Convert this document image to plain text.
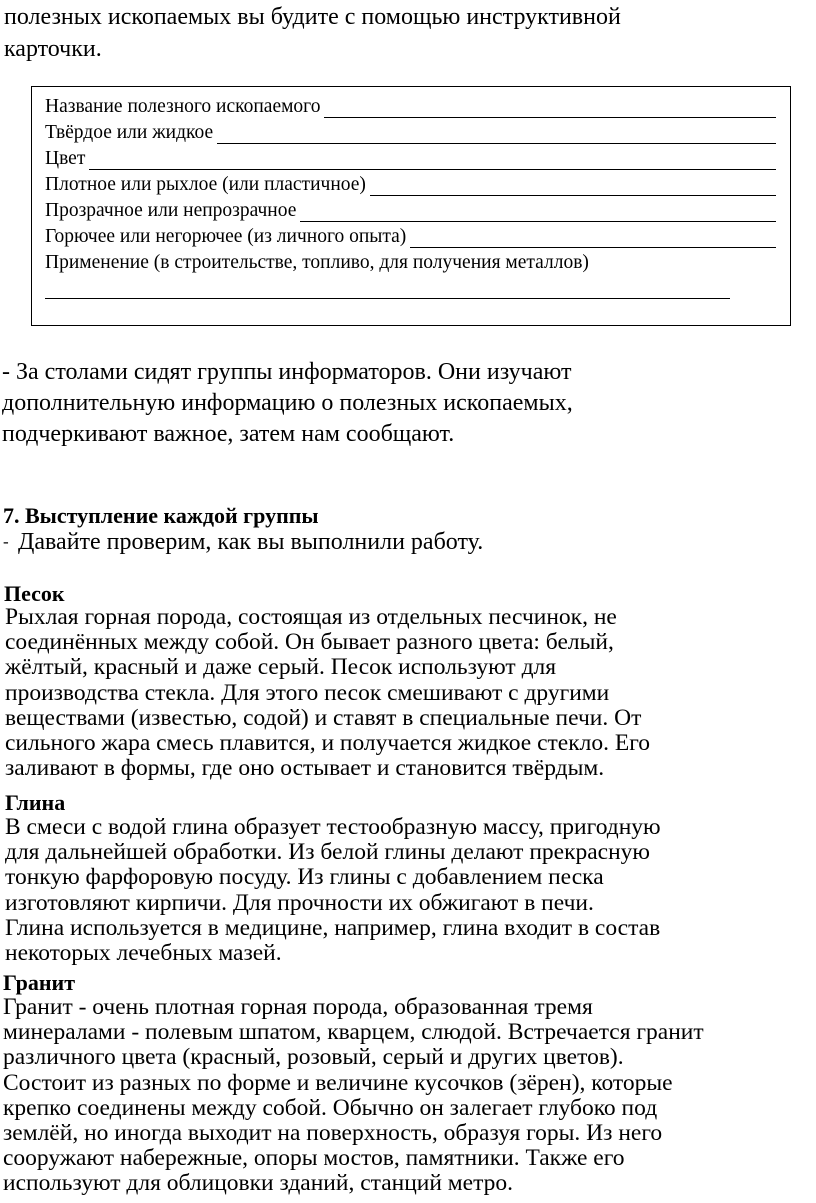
полезных ископаемых вы будите с помощью инструктивной
карточки.
Название полезного ископаемого
Твёрдое или жидкое
Цвет
Плотное или рыхлое (или пластичное)
Прозрачное или непрозрачное
Горючее или негорючее (из личного опыта)
Применение (в строительстве, топливо, для получения металлов)
- За столами сидят группы информаторов. Они изучают
дополнительную информацию о полезных ископаемых,
подчеркивают важное, затем нам сообщают.
7. Выступление каждой группы
- Давайте проверим, как вы выполнили работу.
Песок
Рыхлая горная порода, состоящая из отдельных песчинок, не
соединённых между собой. Он бывает разного цвета: белый,
жёлтый, красный и даже серый. Песок используют для
производства стекла. Для этого песок смешивают с другими
веществами (известью, содой) и ставят в специальные печи. От
сильного жара смесь плавится, и получается жидкое стекло. Его
заливают в формы, где оно остывает и становится твёрдым.
Глина
В смеси с водой глина образует тестообразную массу, пригодную
для дальнейшей обработки. Из белой глины делают прекрасную
тонкую фарфоровую посуду. Из глины с добавлением песка
изготовляют кирпичи. Для прочности их обжигают в печи.
Глина используется в медицине, например, глина входит в состав
некоторых лечебных мазей.
Гранит
Гранит - очень плотная горная порода, образованная тремя
минералами - полевым шпатом, кварцем, слюдой. Встречается гранит
различного цвета (красный, розовый, серый и других цветов).
Состоит из разных по форме и величине кусочков (зёрен), которые
крепко соединены между собой. Обычно он залегает глубоко под
землёй, но иногда выходит на поверхность, образуя горы. Из него
сооружают набережные, опоры мостов, памятники. Также его
используют для облицовки зданий, станций метро.
